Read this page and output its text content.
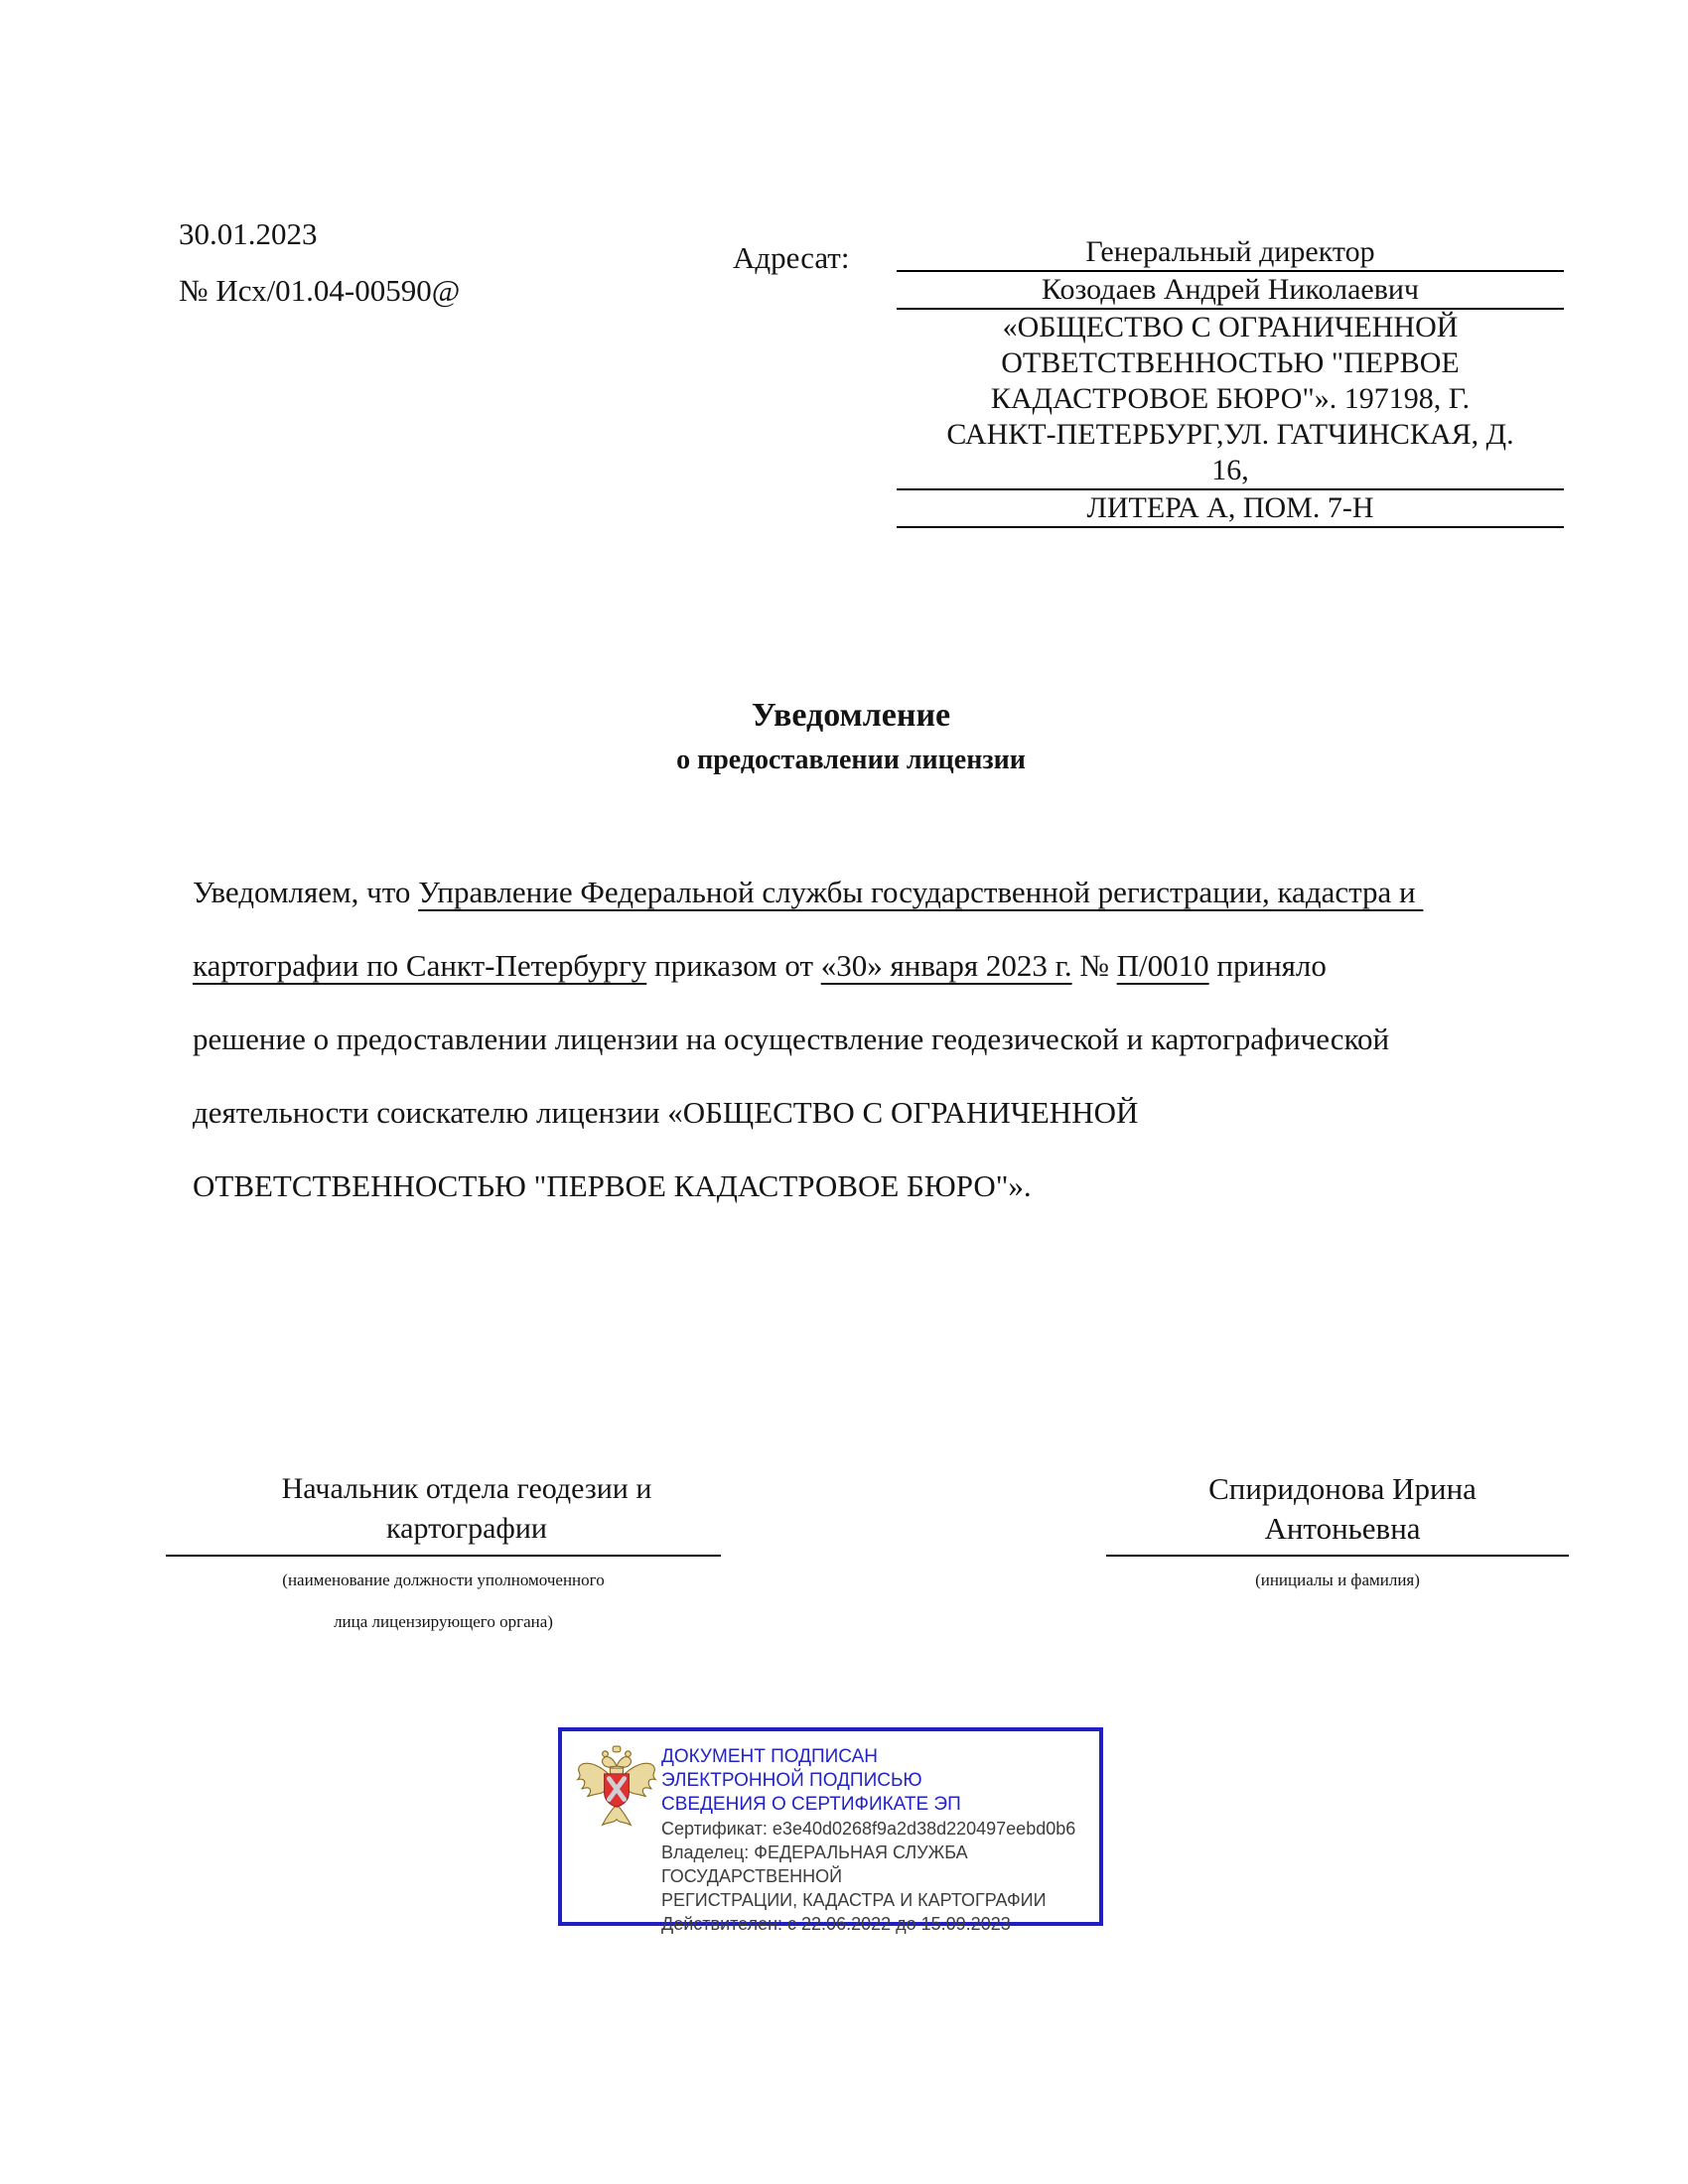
30.01.2023
№ Исх/01.04-00590@
Адресат:	Генеральный директор
Козодаев Андрей Николаевич
«ОБЩЕСТВО С ОГРАНИЧЕННОЙ
ОТВЕТСТВЕННОСТЬЮ "ПЕРВОЕ
КАДАСТРОВОЕ БЮРО"». 197198, Г.
САНКТ-ПЕТЕРБУРГ,УЛ. ГАТЧИНСКАЯ, Д.
16,
ЛИТЕРА А, ПОМ. 7-Н
Уведомление
о предоставлении лицензии
Уведомляем, что Управление Федеральной службы государственной регистрации, кадастра и
картографии по Санкт-Петербургу приказом от «30» января 2023 г. № П/0010 приняло
решение о предоставлении лицензии на осуществление геодезической и картографической
деятельности соискателю лицензии «ОБЩЕСТВО С ОГРАНИЧЕННОЙ
ОТВЕТСТВЕННОСТЬЮ "ПЕРВОЕ КАДАСТРОВОЕ БЮРО"».
Начальник отдела геодезии и картографии
(наименование должности уполномоченного
лица лицензирующего органа)
Спиридонова Ирина Антоньевна
(инициалы и фамилия)
ДОКУМЕНТ ПОДПИСАН
ЭЛЕКТРОННОЙ ПОДПИСЬЮ
СВЕДЕНИЯ О СЕРТИФИКАТЕ ЭП
Сертификат: e3e40d0268f9a2d38d220497eebd0b6
Владелец: ФЕДЕРАЛЬНАЯ СЛУЖБА ГОСУДАРСТВЕННОЙ
РЕГИСТРАЦИИ, КАДАСТРА И КАРТОГРАФИИ
Действителен: с 22.06.2022 до 15.09.2023
